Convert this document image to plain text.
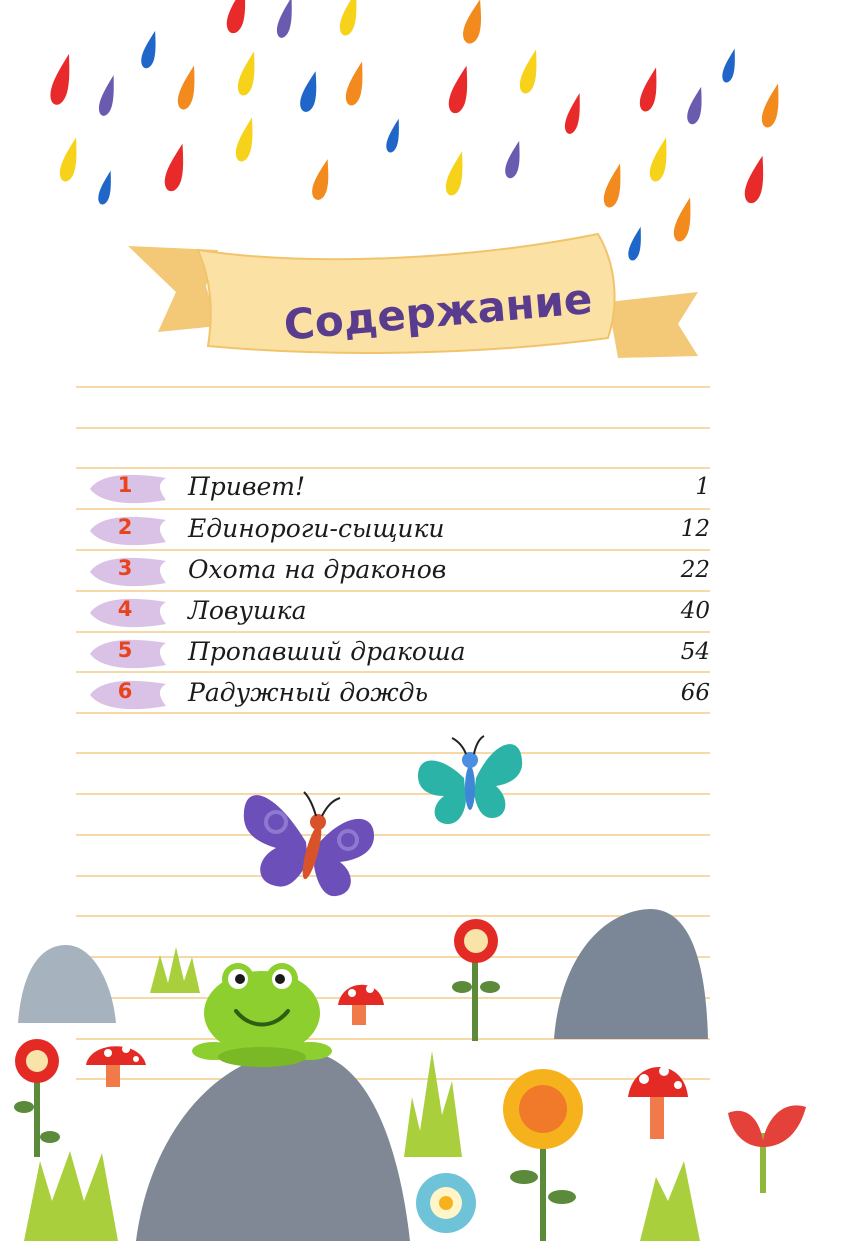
Содержание
1	Привет!	1
2	Единороги-сыщики	12
3	Охота на драконов	22
4	Ловушка	40
5	Пропавший дракоша	54
6	Радужный дождь	66
